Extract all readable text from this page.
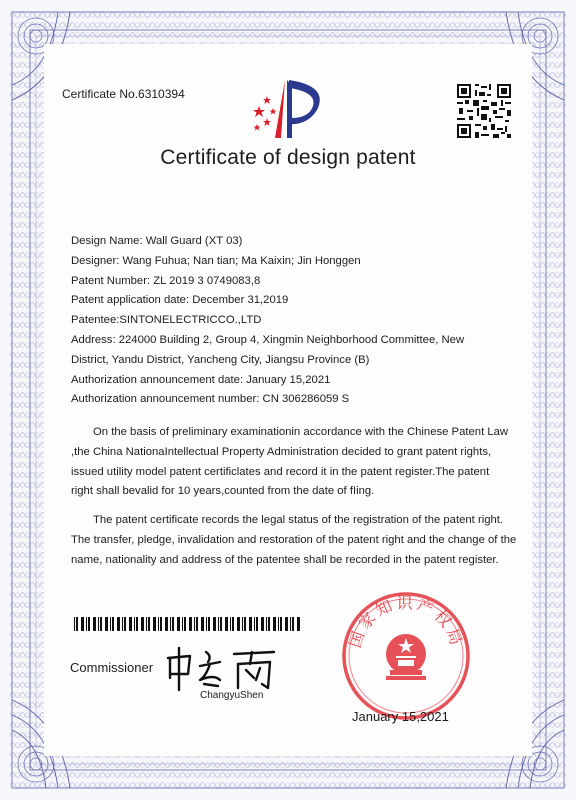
Certificate No.6310394
Certificate of design patent
Design Name: Wall Guard (XT 03)
Designer: Wang Fuhua; Nan tian; Ma Kaixin; Jin Honggen
Patent Number: ZL 2019 3 0749083,8
Patent application date: December 31,2019
Patentee:SINTONELECTRICCO.,LTD
Address: 224000 Building 2, Group 4, Xingmin Neighborhood Committee, New
District, Yandu District, Yancheng City, Jiangsu Province (B)
Authorization announcement date: January 15,2021
Authorization announcement number: CN 306286059 S
On the basis of preliminary examinationin accordance with the Chinese Patent Law
,the China NationaIntellectual Property Administration decided to grant patent rights,
issued utility model patent certificlates and record it in the patent register.The patent
right shall bevalid for 10 years,counted from the date of fIing.
The patent certificate records the legal status of the registration of the patent right.
The transfer, pledge, invalidation and restoration of the patent right and the change of the
name, nationality and address of the patentee shall be recorded in the patent register.
Commissioner
ChangyuShen
国家知识产权局
January 15,2021
